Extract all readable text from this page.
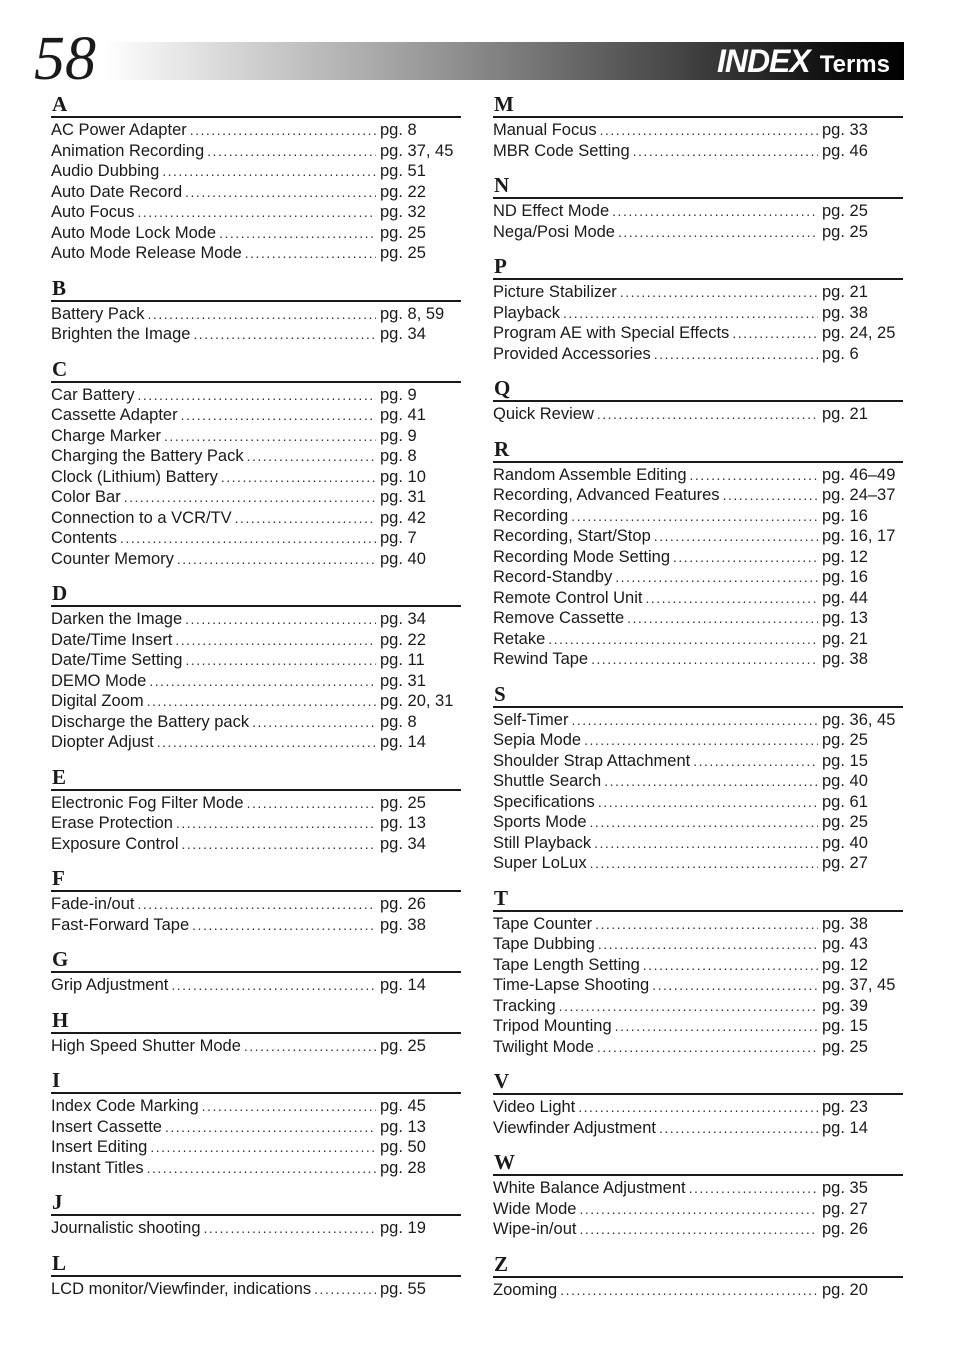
58	INDEX Terms
A
AC Power Adapter .....	pg. 8
Animation Recording .....	pg. 37, 45
Audio Dubbing .....	pg. 51
Auto Date Record .....	pg. 22
Auto Focus .....	pg. 32
Auto Mode Lock Mode .....	pg. 25
Auto Mode Release Mode .....	pg. 25
B
Battery Pack .....	pg. 8, 59
Brighten the Image .....	pg. 34
C
Car Battery .....	pg. 9
Cassette Adapter .....	pg. 41
Charge Marker .....	pg. 9
Charging the Battery Pack .....	pg. 8
Clock (Lithium) Battery .....	pg. 10
Color Bar .....	pg. 31
Connection to a VCR/TV .....	pg. 42
Contents .....	pg. 7
Counter Memory .....	pg. 40
D
Darken the Image .....	pg. 34
Date/Time Insert .....	pg. 22
Date/Time Setting .....	pg. 11
DEMO Mode .....	pg. 31
Digital Zoom .....	pg. 20, 31
Discharge the Battery pack .....	pg. 8
Diopter Adjust .....	pg. 14
E
Electronic Fog Filter Mode .....	pg. 25
Erase Protection .....	pg. 13
Exposure Control .....	pg. 34
F
Fade-in/out .....	pg. 26
Fast-Forward Tape .....	pg. 38
G
Grip Adjustment .....	pg. 14
H
High Speed Shutter Mode .....	pg. 25
I
Index Code Marking .....	pg. 45
Insert Cassette .....	pg. 13
Insert Editing .....	pg. 50
Instant Titles .....	pg. 28
J
Journalistic shooting .....	pg. 19
L
LCD monitor/Viewfinder, indications .....	pg. 55
M
Manual Focus .....	pg. 33
MBR Code Setting .....	pg. 46
N
ND Effect Mode .....	pg. 25
Nega/Posi Mode .....	pg. 25
P
Picture Stabilizer .....	pg. 21
Playback .....	pg. 38
Program AE with Special Effects .....	pg. 24, 25
Provided Accessories .....	pg. 6
Q
Quick Review .....	pg. 21
R
Random Assemble Editing .....	pg. 46–49
Recording, Advanced Features .....	pg. 24–37
Recording .....	pg. 16
Recording, Start/Stop .....	pg. 16, 17
Recording Mode Setting .....	pg. 12
Record-Standby .....	pg. 16
Remote Control Unit .....	pg. 44
Remove Cassette .....	pg. 13
Retake .....	pg. 21
Rewind Tape .....	pg. 38
S
Self-Timer .....	pg. 36, 45
Sepia Mode .....	pg. 25
Shoulder Strap Attachment .....	pg. 15
Shuttle Search .....	pg. 40
Specifications .....	pg. 61
Sports Mode .....	pg. 25
Still Playback .....	pg. 40
Super LoLux .....	pg. 27
T
Tape Counter .....	pg. 38
Tape Dubbing .....	pg. 43
Tape Length Setting .....	pg. 12
Time-Lapse Shooting .....	pg. 37, 45
Tracking .....	pg. 39
Tripod Mounting .....	pg. 15
Twilight Mode .....	pg. 25
V
Video Light .....	pg. 23
Viewfinder Adjustment .....	pg. 14
W
White Balance Adjustment .....	pg. 35
Wide Mode .....	pg. 27
Wipe-in/out .....	pg. 26
Z
Zooming .....	pg. 20
